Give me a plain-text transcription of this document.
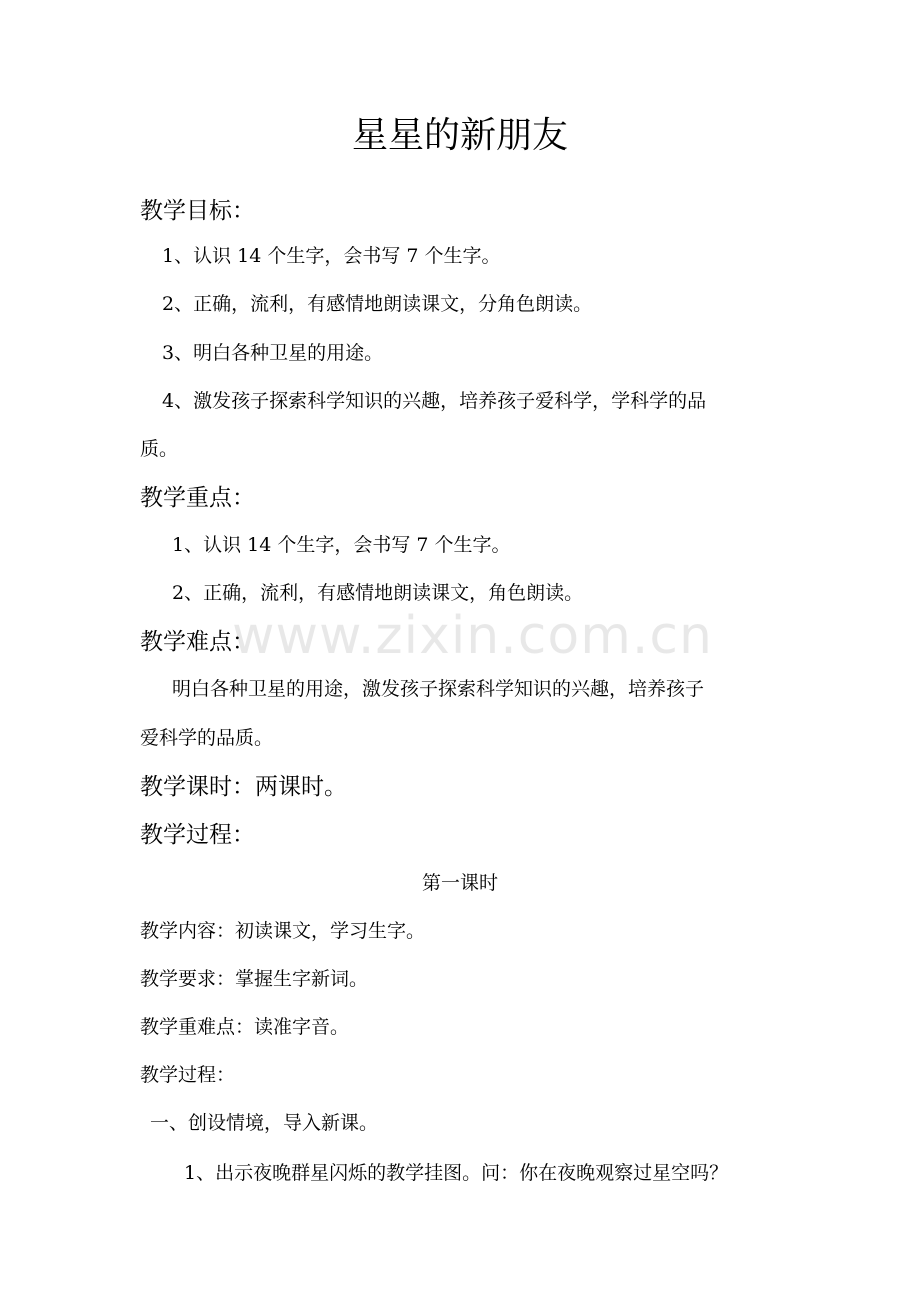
星星的新朋友
教学目标：
1、认识 14 个生字，会书写 7 个生字。
2、正确，流利，有感情地朗读课文，分角色朗读。
3、明白各种卫星的用途。
4、激发孩子探索科学知识的兴趣，培养孩子爱科学，学科学的品
质。
教学重点：
1、认识 14 个生字，会书写 7 个生字。
2、正确，流利，有感情地朗读课文，角色朗读。
教学难点：
明白各种卫星的用途，激发孩子探索科学知识的兴趣，培养孩子
爱科学的品质。
教学课时：两课时。
教学过程：
第一课时
教学内容：初读课文，学习生字。
教学要求：掌握生字新词。
教学重难点：读准字音。
教学过程：
一、创设情境，导入新课。
1、出示夜晚群星闪烁的教学挂图。问：你在夜晚观察过星空吗？
www.zixin.com.cn
